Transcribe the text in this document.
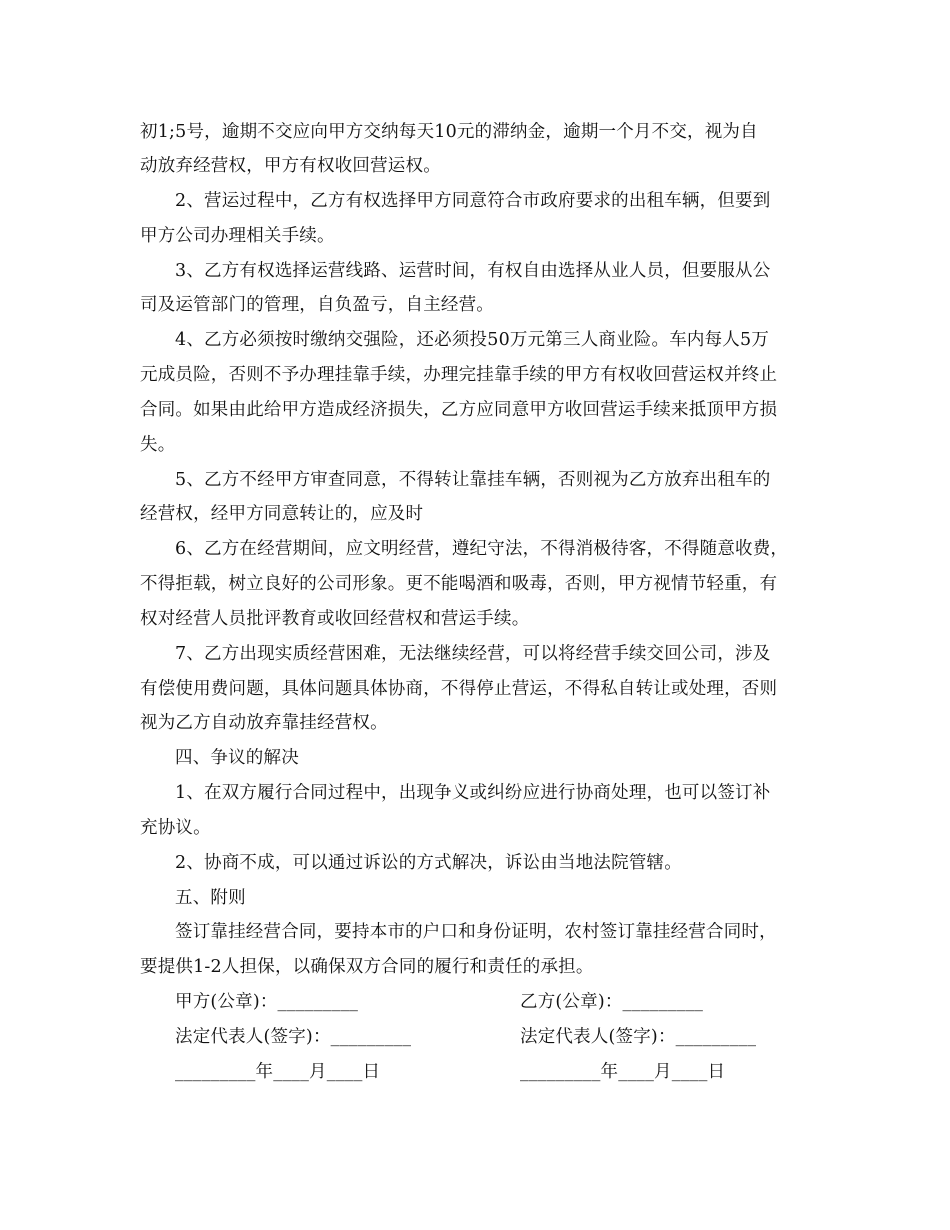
初1;5号，逾期不交应向甲方交纳每天10元的滞纳金，逾期一个月不交，视为自
动放弃经营权，甲方有权收回营运权。
2、营运过程中，乙方有权选择甲方同意符合市政府要求的出租车辆，但要到
甲方公司办理相关手续。
3、乙方有权选择运营线路、运营时间，有权自由选择从业人员，但要服从公
司及运管部门的管理，自负盈亏，自主经营。
4、乙方必须按时缴纳交强险，还必须投50万元第三人商业险。车内每人5万
元成员险，否则不予办理挂靠手续，办理完挂靠手续的甲方有权收回营运权并终止
合同。如果由此给甲方造成经济损失，乙方应同意甲方收回营运手续来抵顶甲方损
失。
5、乙方不经甲方审查同意，不得转让靠挂车辆，否则视为乙方放弃出租车的
经营权，经甲方同意转让的，应及时
6、乙方在经营期间，应文明经营，遵纪守法，不得消极待客，不得随意收费，
不得拒载，树立良好的公司形象。更不能喝酒和吸毒，否则，甲方视情节轻重，有
权对经营人员批评教育或收回经营权和营运手续。
7、乙方出现实质经营困难，无法继续经营，可以将经营手续交回公司，涉及
有偿使用费问题，具体问题具体协商，不得停止营运，不得私自转让或处理，否则
视为乙方自动放弃靠挂经营权。
四、争议的解决
1、在双方履行合同过程中，出现争义或纠纷应进行协商处理，也可以签订补
充协议。
2、协商不成，可以通过诉讼的方式解决，诉讼由当地法院管辖。
五、附则
签订靠挂经营合同，要持本市的户口和身份证明，农村签订靠挂经营合同时，
要提供1-2人担保，以确保双方合同的履行和责任的承担。
甲方(公章)：_________	乙方(公章)：_________
法定代表人(签字)：_________	法定代表人(签字)：_________
_________年____月____日	_________年____月____日
